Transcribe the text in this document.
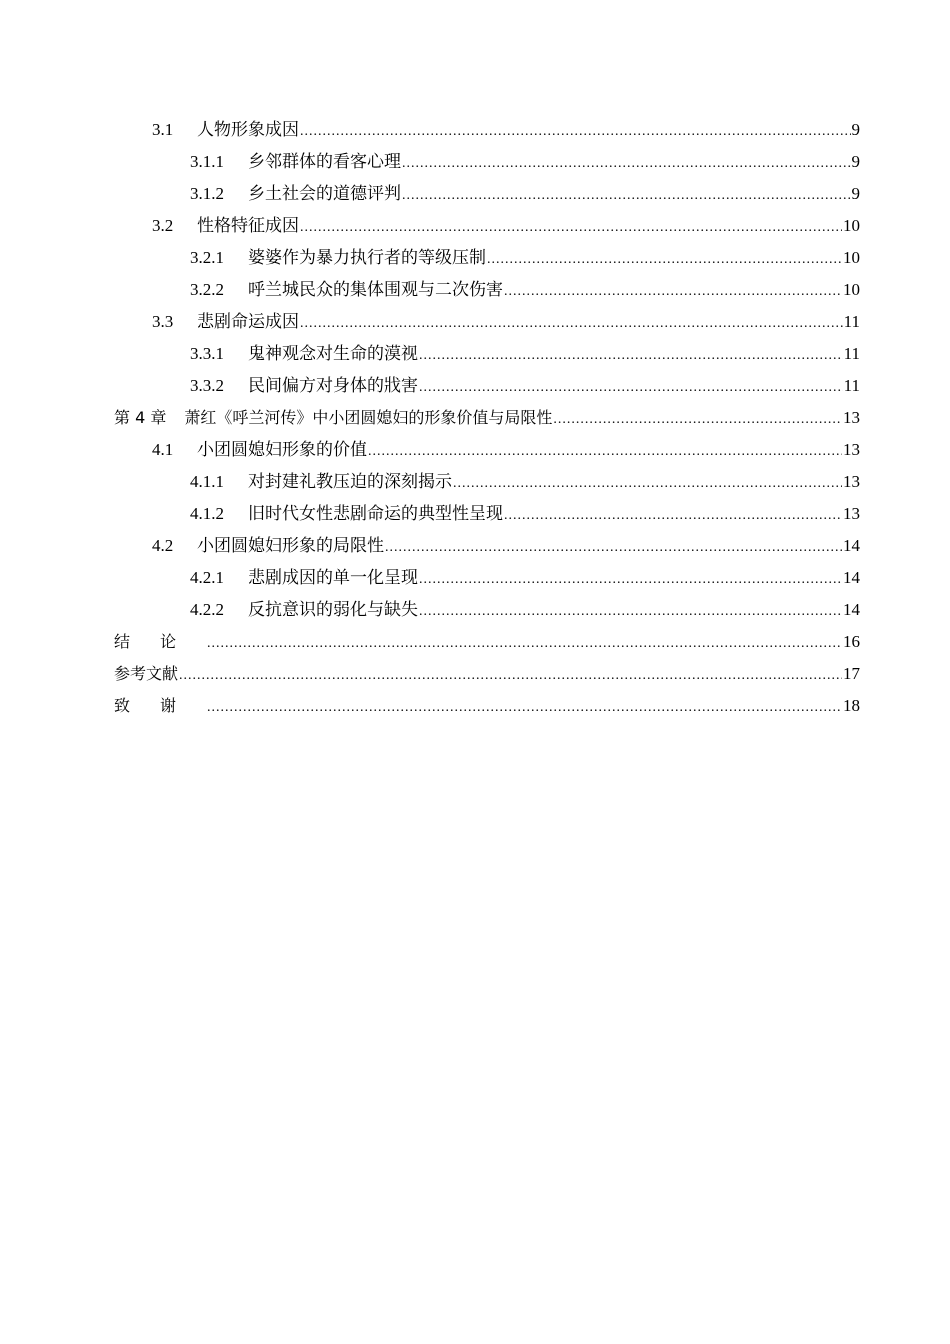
3.1	人物形象成因 .....	9
3.1.1	乡邻群体的看客心理 .....	9
3.1.2	乡土社会的道德评判 .....	9
3.2	性格特征成因 .....	10
3.2.1	婆婆作为暴力执行者的等级压制 .....	10
3.2.2	呼兰城民众的集体围观与二次伤害 .....	10
3.3	悲剧命运成因 .....	11
3.3.1	鬼神观念对生命的漠视 .....	11
3.3.2	民间偏方对身体的戕害 .....	11
第 4 章 萧红《呼兰河传》中小团圆媳妇的形象价值与局限性 .....	13
4.1	小团圆媳妇形象的价值 .....	13
4.1.1	对封建礼教压迫的深刻揭示 .....	13
4.1.2	旧时代女性悲剧命运的典型性呈现 .....	13
4.2	小团圆媳妇形象的局限性 .....	14
4.2.1	悲剧成因的单一化呈现 .....	14
4.2.2	反抗意识的弱化与缺失 .....	14
结论 .....	16
参考文献 .....	17
致谢 .....	18
